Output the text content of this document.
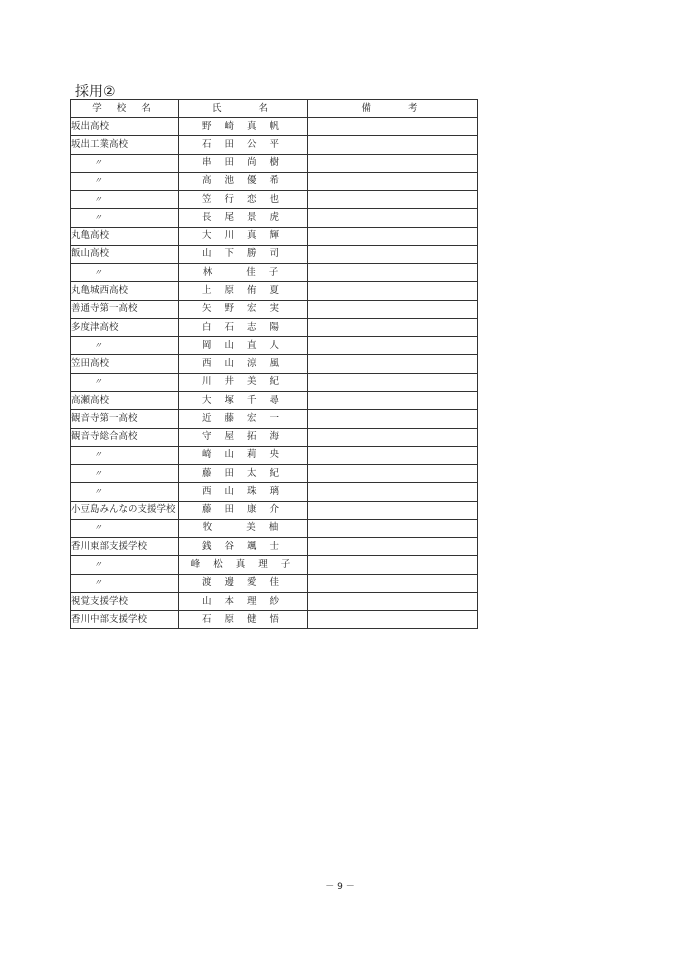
採用②
学 校 名	氏　　名	備　　考
坂出高校	野 崎 真 帆	
坂出工業高校	石 田 公 平	
〃	串 田 尚 樹	
〃	高 池 優 希	
〃	笠 行 恋 也	
〃	長 尾 景 虎	
丸亀高校	大 川 真 輝	
飯山高校	山 下 勝 司	
〃	林　　佳 子	
丸亀城西高校	上 原 侑 夏	
善通寺第一高校	矢 野 宏 実	
多度津高校	白 石 志 陽	
〃	岡 山 直 人	
笠田高校	西 山 涼 風	
〃	川 井 美 紀	
高瀬高校	大 塚 千 尋	
観音寺第一高校	近 藤 宏 一	
観音寺総合高校	守 屋 拓 海	
〃	崎 山 莉 央	
〃	藤 田 太 紀	
〃	西 山 珠 璃	
小豆島みんなの支援学校	藤 田 康 介	
〃	牧　　美 柚	
香川東部支援学校	銭 谷 颯 士	
〃	峰 松 真 理 子	
〃	渡 邊 愛 佳	
視覚支援学校	山 本 理 紗	
香川中部支援学校	石 原 健 悟	
－ 9 －
